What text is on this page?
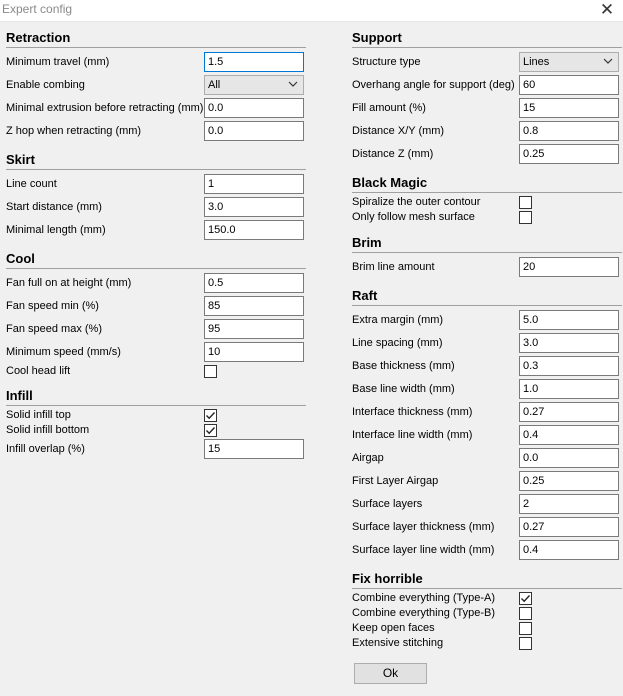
Expert config	✕
Retraction
Minimum travel (mm)	1.5
Enable combing	All
Minimal extrusion before retracting (mm) 0.0
Z hop when retracting (mm)	0.0
Skirt
Line count	1
Start distance (mm)	3.0
Minimal length (mm)	150.0
Cool
Fan full on at height (mm)	0.5
Fan speed min (%)	85
Fan speed max (%)	95
Minimum speed (mm/s)	10
Cool head lift
Infill
Solid infill top
Solid infill bottom
Infill overlap (%)	15
Support
Structure type	Lines
Overhang angle for support (deg) 60
Fill amount (%)	15
Distance X/Y (mm)	0.8
Distance Z (mm)	0.25
Black Magic
Spiralize the outer contour
Only follow mesh surface
Brim
Brim line amount	20
Raft
Extra margin (mm)	5.0
Line spacing (mm)	3.0
Base thickness (mm)	0.3
Base line width (mm)	1.0
Interface thickness (mm)	0.27
Interface line width (mm)	0.4
Airgap	0.0
First Layer Airgap	0.25
Surface layers	2
Surface layer thickness (mm)	0.27
Surface layer line width (mm)	0.4
Fix horrible
Combine everything (Type-A)
Combine everything (Type-B)
Keep open faces
Extensive stitching
Ok
